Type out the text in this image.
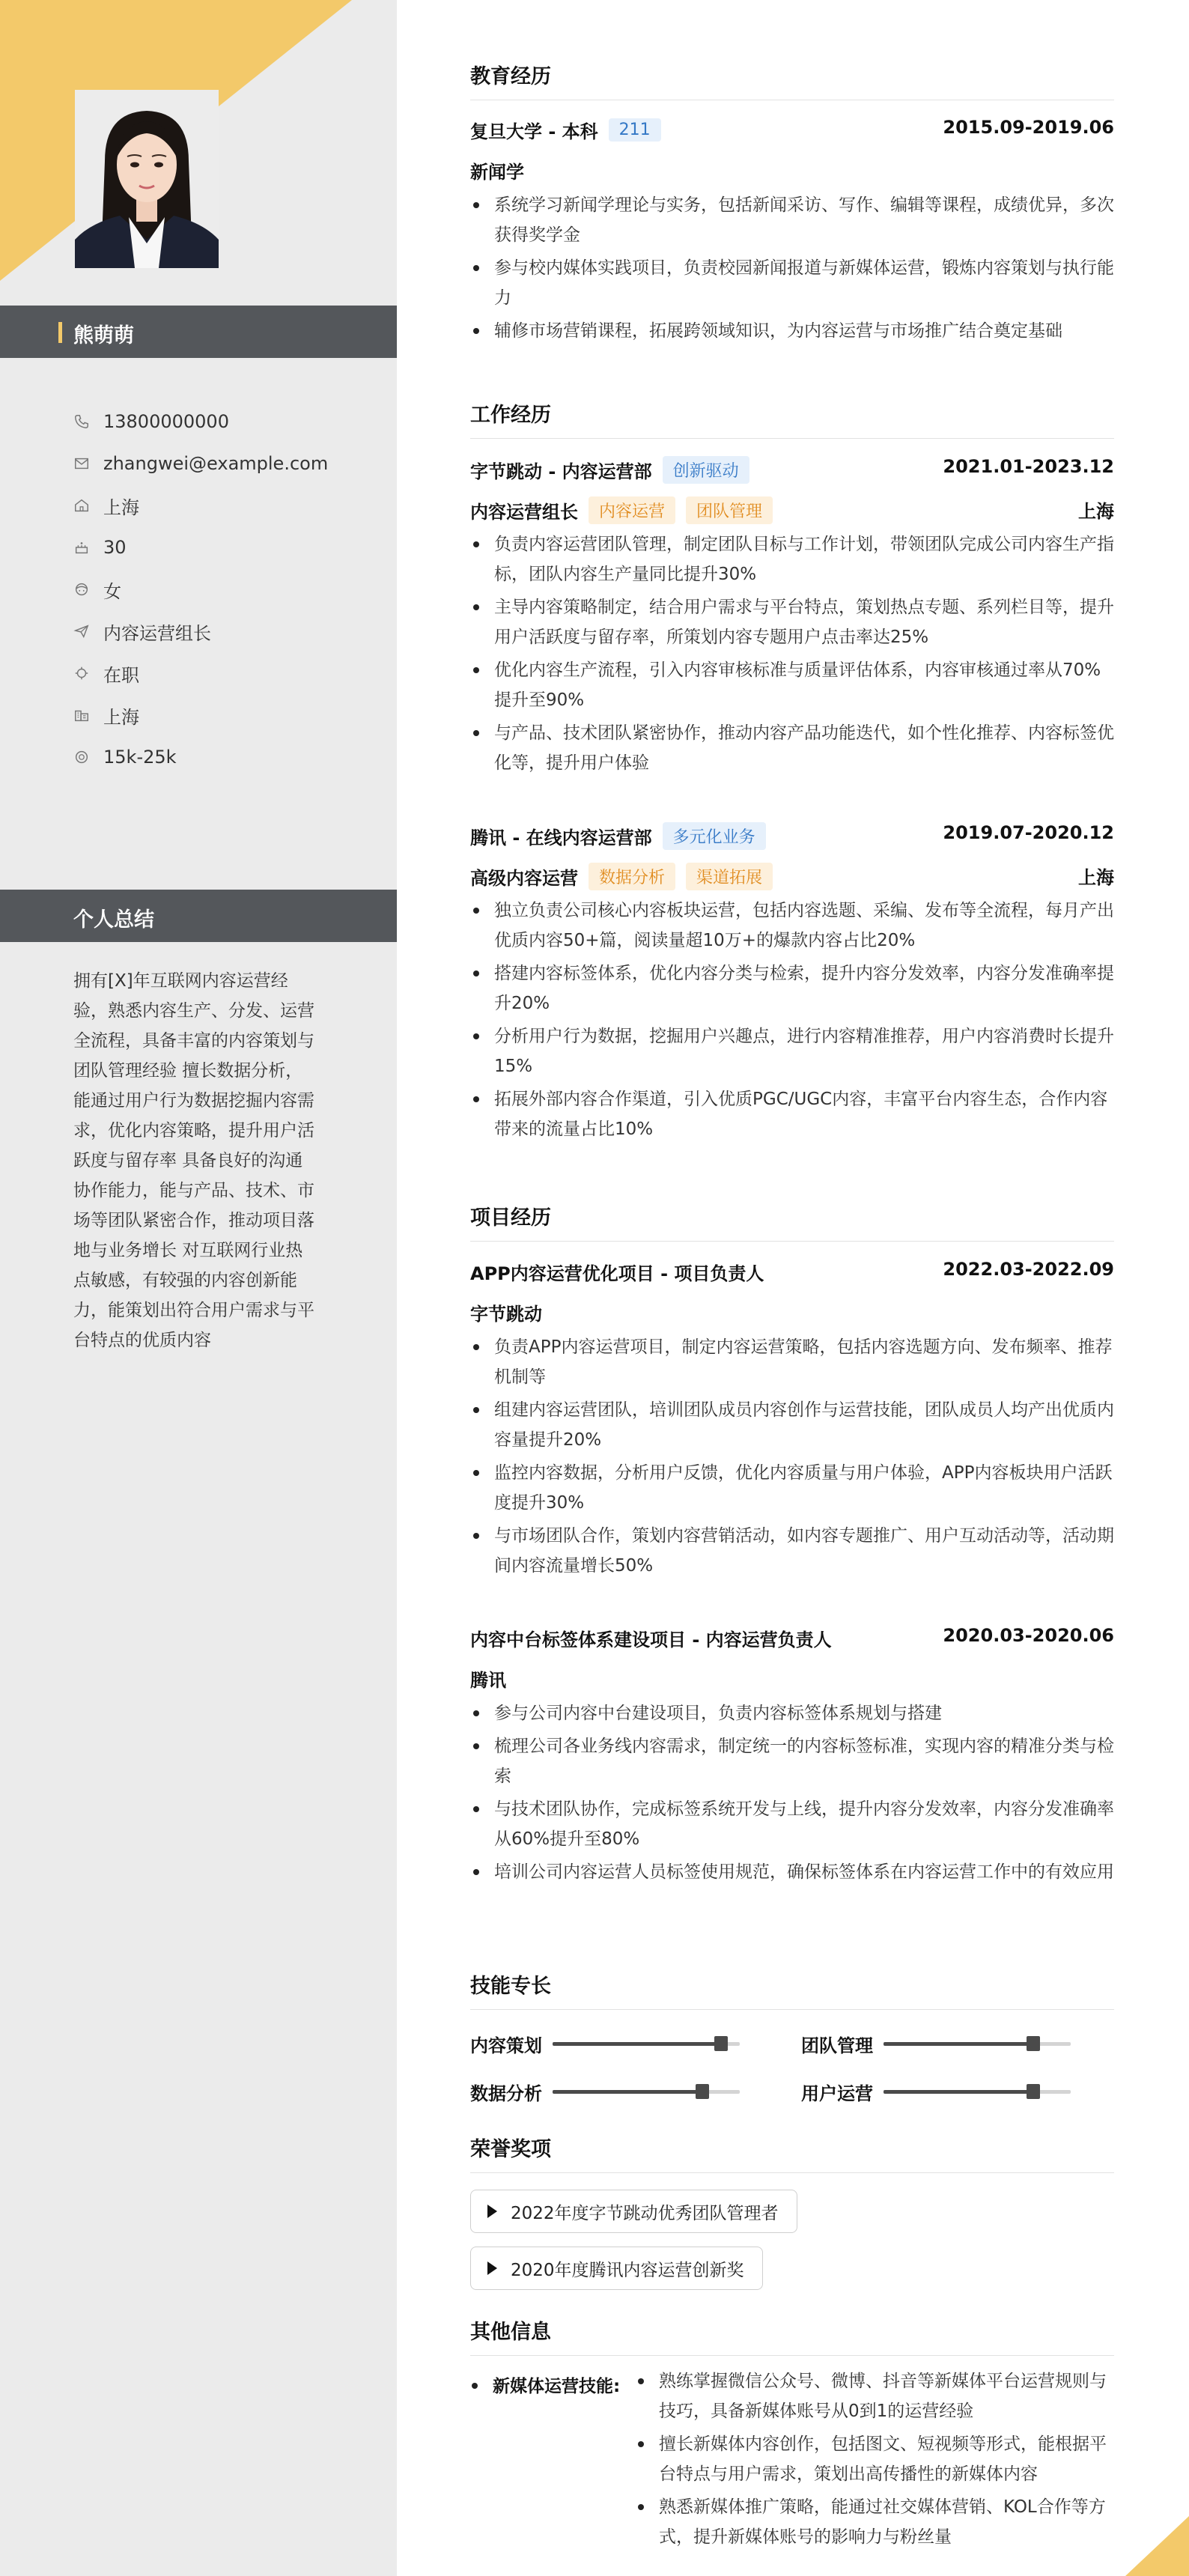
熊萌萌
13800000000
zhangwei@example.com
上海
30
女
内容运营组长
在职
上海
15k-25k
个人总结
拥有[X]年互联网内容运营经验，熟悉内容生产、分发、运营全流程，具备丰富的内容策划与团队管理经验 擅长数据分析，能通过用户行为数据挖掘内容需求，优化内容策略，提升用户活跃度与留存率 具备良好的沟通协作能力，能与产品、技术、市场等团队紧密合作，推动项目落地与业务增长 对互联网行业热点敏感，有较强的内容创新能力，能策划出符合用户需求与平台特点的优质内容
教育经历
复旦大学 - 本科	211	2015.09-2019.06
新闻学
系统学习新闻学理论与实务，包括新闻采访、写作、编辑等课程，成绩优异，多次获得奖学金
参与校内媒体实践项目，负责校园新闻报道与新媒体运营，锻炼内容策划与执行能力
辅修市场营销课程，拓展跨领域知识，为内容运营与市场推广结合奠定基础
工作经历
字节跳动 - 内容运营部	创新驱动	2021.01-2023.12
内容运营组长	内容运营	团队管理	上海
负责内容运营团队管理，制定团队目标与工作计划，带领团队完成公司内容生产指标，团队内容生产量同比提升30%
主导内容策略制定，结合用户需求与平台特点，策划热点专题、系列栏目等，提升用户活跃度与留存率，所策划内容专题用户点击率达25%
优化内容生产流程，引入内容审核标准与质量评估体系，内容审核通过率从70%提升至90%
与产品、技术团队紧密协作，推动内容产品功能迭代，如个性化推荐、内容标签优化等，提升用户体验
腾讯 - 在线内容运营部	多元化业务	2019.07-2020.12
高级内容运营	数据分析	渠道拓展	上海
独立负责公司核心内容板块运营，包括内容选题、采编、发布等全流程，每月产出优质内容50+篇，阅读量超10万+的爆款内容占比20%
搭建内容标签体系，优化内容分类与检索，提升内容分发效率，内容分发准确率提升20%
分析用户行为数据，挖掘用户兴趣点，进行内容精准推荐，用户内容消费时长提升15%
拓展外部内容合作渠道，引入优质PGC/UGC内容，丰富平台内容生态，合作内容带来的流量占比10%
项目经历
APP内容运营优化项目 - 项目负责人	2022.03-2022.09
字节跳动
负责APP内容运营项目，制定内容运营策略，包括内容选题方向、发布频率、推荐机制等
组建内容运营团队，培训团队成员内容创作与运营技能，团队成员人均产出优质内容量提升20%
监控内容数据，分析用户反馈，优化内容质量与用户体验，APP内容板块用户活跃度提升30%
与市场团队合作，策划内容营销活动，如内容专题推广、用户互动活动等，活动期间内容流量增长50%
内容中台标签体系建设项目 - 内容运营负责人	2020.03-2020.06
腾讯
参与公司内容中台建设项目，负责内容标签体系规划与搭建
梳理公司各业务线内容需求，制定统一的内容标签标准，实现内容的精准分类与检索
与技术团队协作，完成标签系统开发与上线，提升内容分发效率，内容分发准确率从60%提升至80%
培训公司内容运营人员标签使用规范，确保标签体系在内容运营工作中的有效应用
技能专长
内容策划	团队管理
数据分析	用户运营
荣誉奖项
2022年度字节跳动优秀团队管理者
2020年度腾讯内容运营创新奖
其他信息
新媒体运营技能:	熟练掌握微信公众号、微博、抖音等新媒体平台运营规则与技巧，具备新媒体账号从0到1的运营经验
擅长新媒体内容创作，包括图文、短视频等形式，能根据平台特点与用户需求，策划出高传播性的新媒体内容
熟悉新媒体推广策略，能通过社交媒体营销、KOL合作等方式，提升新媒体账号的影响力与粉丝量
